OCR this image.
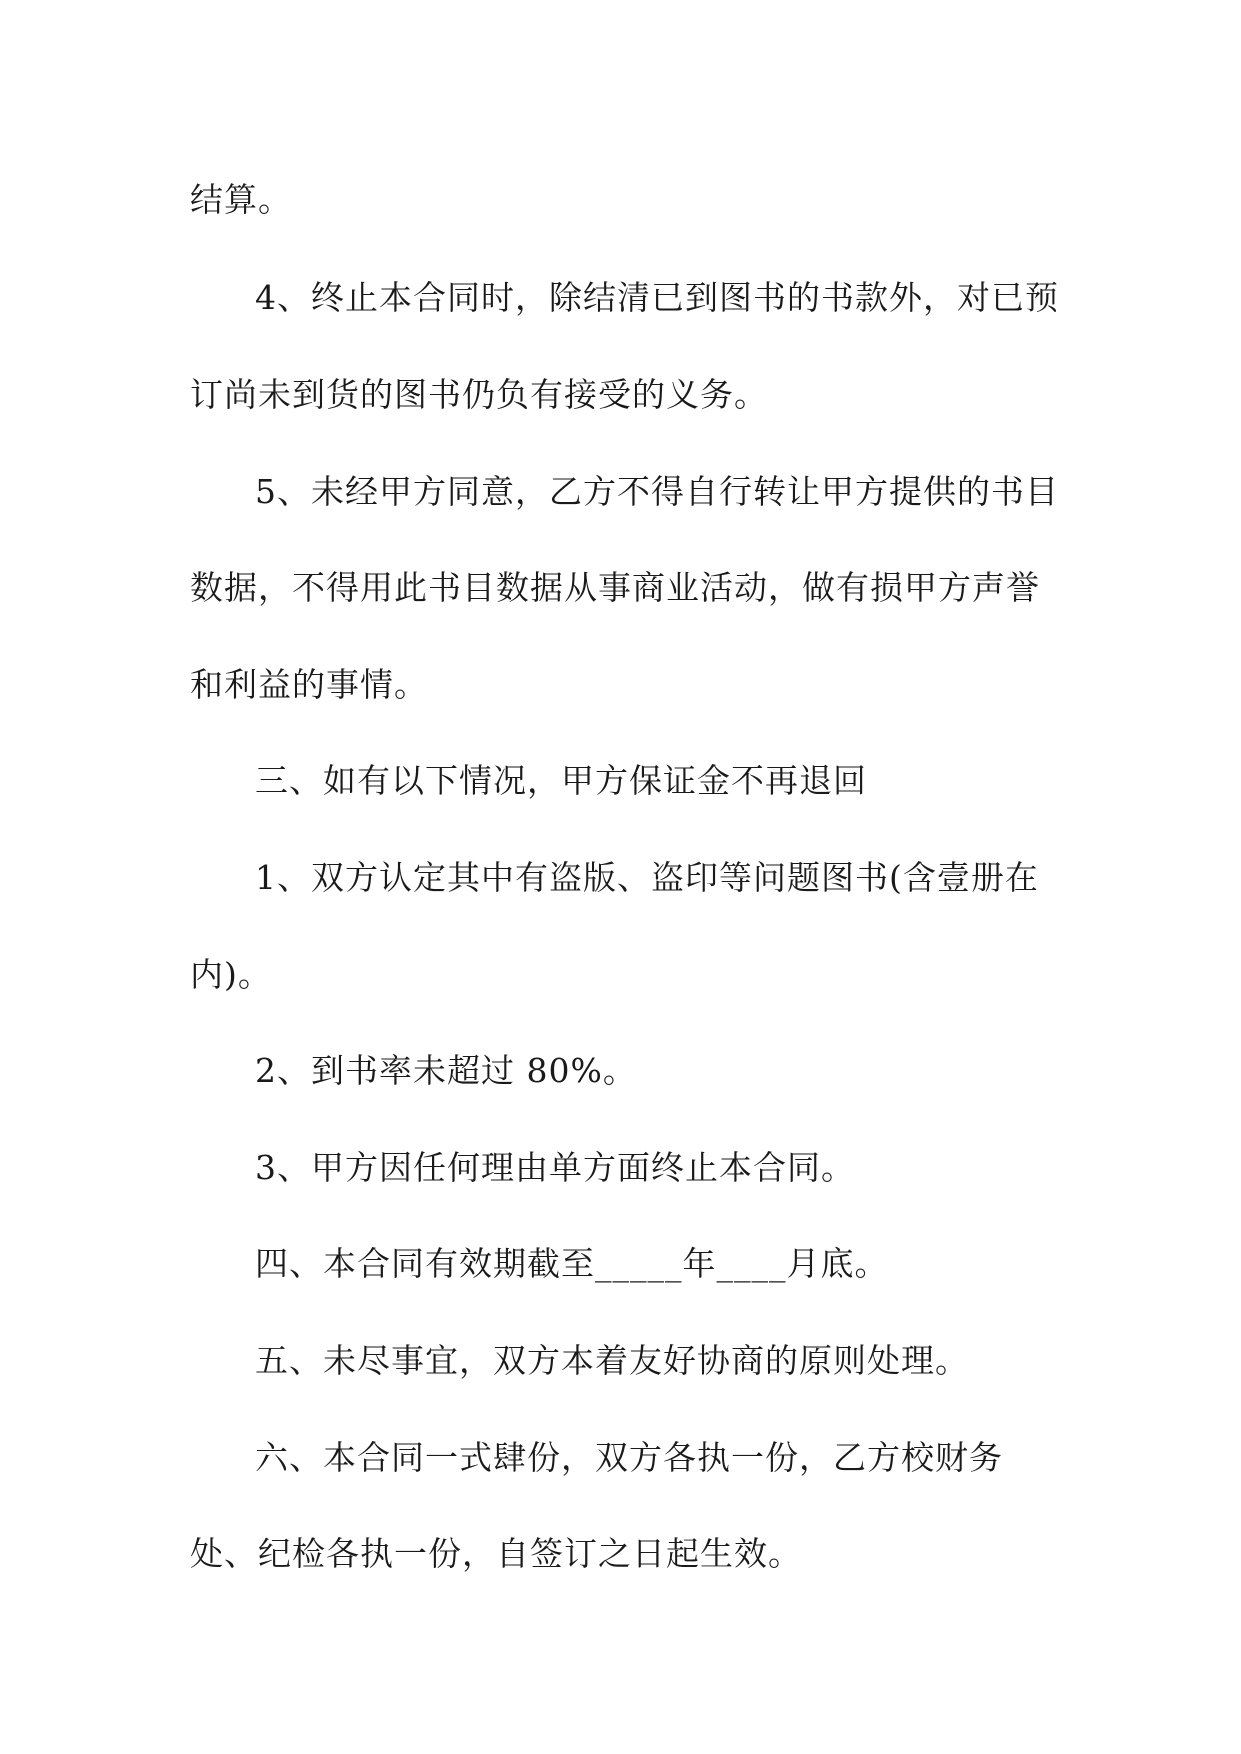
结算。
4、终止本合同时，除结清已到图书的书款外，对已预
订尚未到货的图书仍负有接受的义务。
5、未经甲方同意，乙方不得自行转让甲方提供的书目
数据，不得用此书目数据从事商业活动，做有损甲方声誉
和利益的事情。
三、如有以下情况，甲方保证金不再退回
1、双方认定其中有盗版、盗印等问题图书(含壹册在
内)。
2、到书率未超过 80%。
3、甲方因任何理由单方面终止本合同。
四、本合同有效期截至_____年____月底。
五、未尽事宜，双方本着友好协商的原则处理。
六、本合同一式肆份，双方各执一份，乙方校财务
处、纪检各执一份，自签订之日起生效。
